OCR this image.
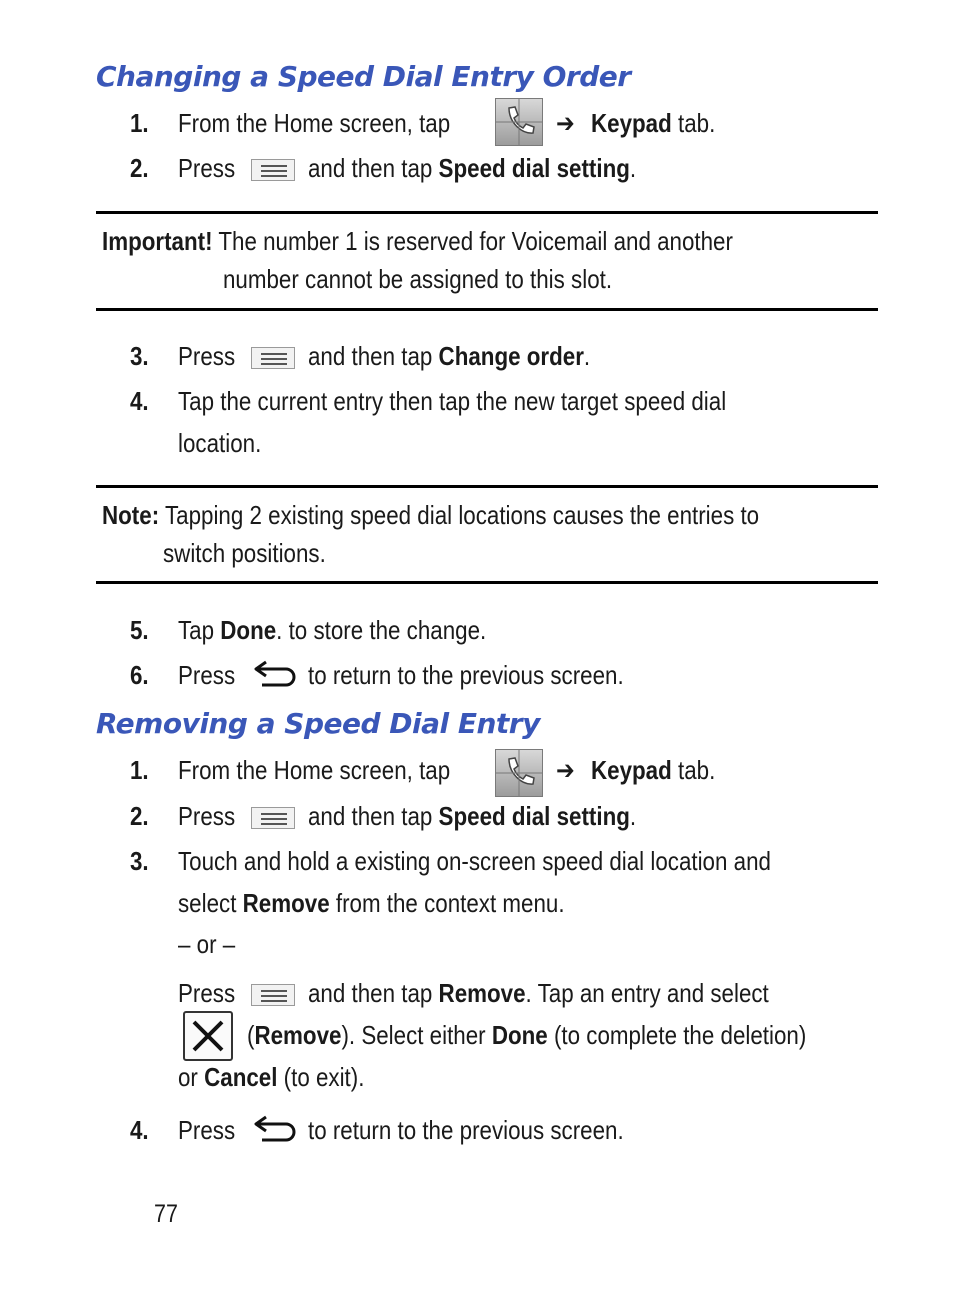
Changing a Speed Dial Entry Order
1. From the Home screen, tap	➔ Keypad tab.
2. Press	and then tap Speed dial setting.
Important! The number 1 is reserved for Voicemail and another
number cannot be assigned to this slot.
3. Press	and then tap Change order.
4. Tap the current entry then tap the new target speed dial
location.
Note: Tapping 2 existing speed dial locations causes the entries to
switch positions.
5. Tap Done. to store the change.
6. Press	to return to the previous screen.
Removing a Speed Dial Entry
1. From the Home screen, tap	➔ Keypad tab.
2. Press	and then tap Speed dial setting.
3. Touch and hold a existing on-screen speed dial location and
select Remove from the context menu.
– or –
Press	and then tap Remove. Tap an entry and select
(Remove). Select either Done (to complete the deletion)
or Cancel (to exit).
4. Press	to return to the previous screen.
77
